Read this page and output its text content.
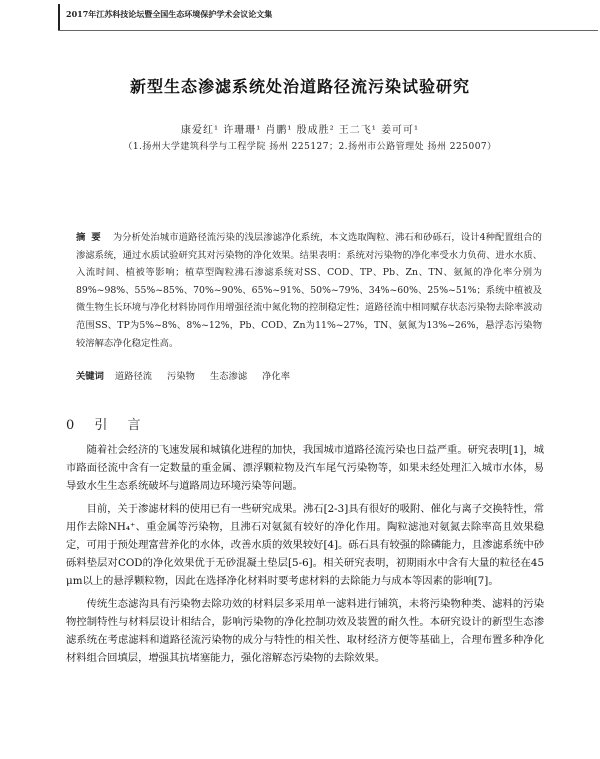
2017年江苏科技论坛暨全国生态环境保护学术会议论文集
新型生态渗滤系统处治道路径流污染试验研究
康爱红¹ 许珊珊¹ 肖鹏¹ 殷成胜² 王二飞¹ 姜可可¹
（1.扬州大学建筑科学与工程学院 扬州 225127；2.扬州市公路管理处 扬州 225007）
摘要 为分析处治城市道路径流污染的浅层渗滤净化系统，本文选取陶粒、沸石和砂砾石，设计4种配置组合的渗滤系统，通过水质试验研究其对污染物的净化效果。结果表明：系统对污染物的净化率受水力负荷、进水水质、入流时间、植被等影响；植草型陶粒沸石渗滤系统对SS、COD、TP、Pb、Zn、TN、氨氮的净化率分别为89%~98%、55%~85%、70%~90%、65%~91%、50%~79%、34%~60%、25%~51%；系统中植被及微生物生长环境与净化材料协同作用增强径流中氮化物的控制稳定性；道路径流中相同赋存状态污染物去除率波动范围SS、TP为5%~8%、8%~12%，Pb、COD、Zn为11%~27%，TN、氨氮为13%~26%，悬浮态污染物较溶解态净化稳定性高。
关键词 道路径流 污染物 生态渗滤 净化率
0 引 言

随着社会经济的飞速发展和城镇化进程的加快，我国城市道路径流污染也日益严重。研究表明[1]，城市路面径流中含有一定数量的重金属、漂浮颗粒物及汽车尾气污染物等，如果未经处理汇入城市水体，易导致水生生态系统破坏与道路周边环境污染等问题。

目前，关于渗滤材料的使用已有一些研究成果。沸石[2-3]具有很好的吸附、催化与离子交换特性，常用作去除NH₄⁺、重金属等污染物，且沸石对氨氮有较好的净化作用。陶粒滤池对氨氮去除率高且效果稳定，可用于预处理富营养化的水体，改善水质的效果较好[4]。砾石具有较强的除磷能力，且渗滤系统中砂砾料垫层对COD的净化效果优于无砂混凝土垫层[5-6]。相关研究表明，初期雨水中含有大量的粒径在45 μm以上的悬浮颗粒物，因此在选择净化材料时要考虑材料的去除能力与成本等因素的影响[7]。

传统生态滤沟具有污染物去除功效的材料层多采用单一滤料进行铺筑，未将污染物种类、滤料的污染物控制特性与材料层设计相结合，影响污染物的净化控制功效及装置的耐久性。本研究设计的新型生态渗滤系统在考虑滤料和道路径流污染物的成分与特性的相关性、取材经济方便等基础上，合理布置多种净化材料组合回填层，增强其抗堵塞能力，强化溶解态污染物的去除效果。
